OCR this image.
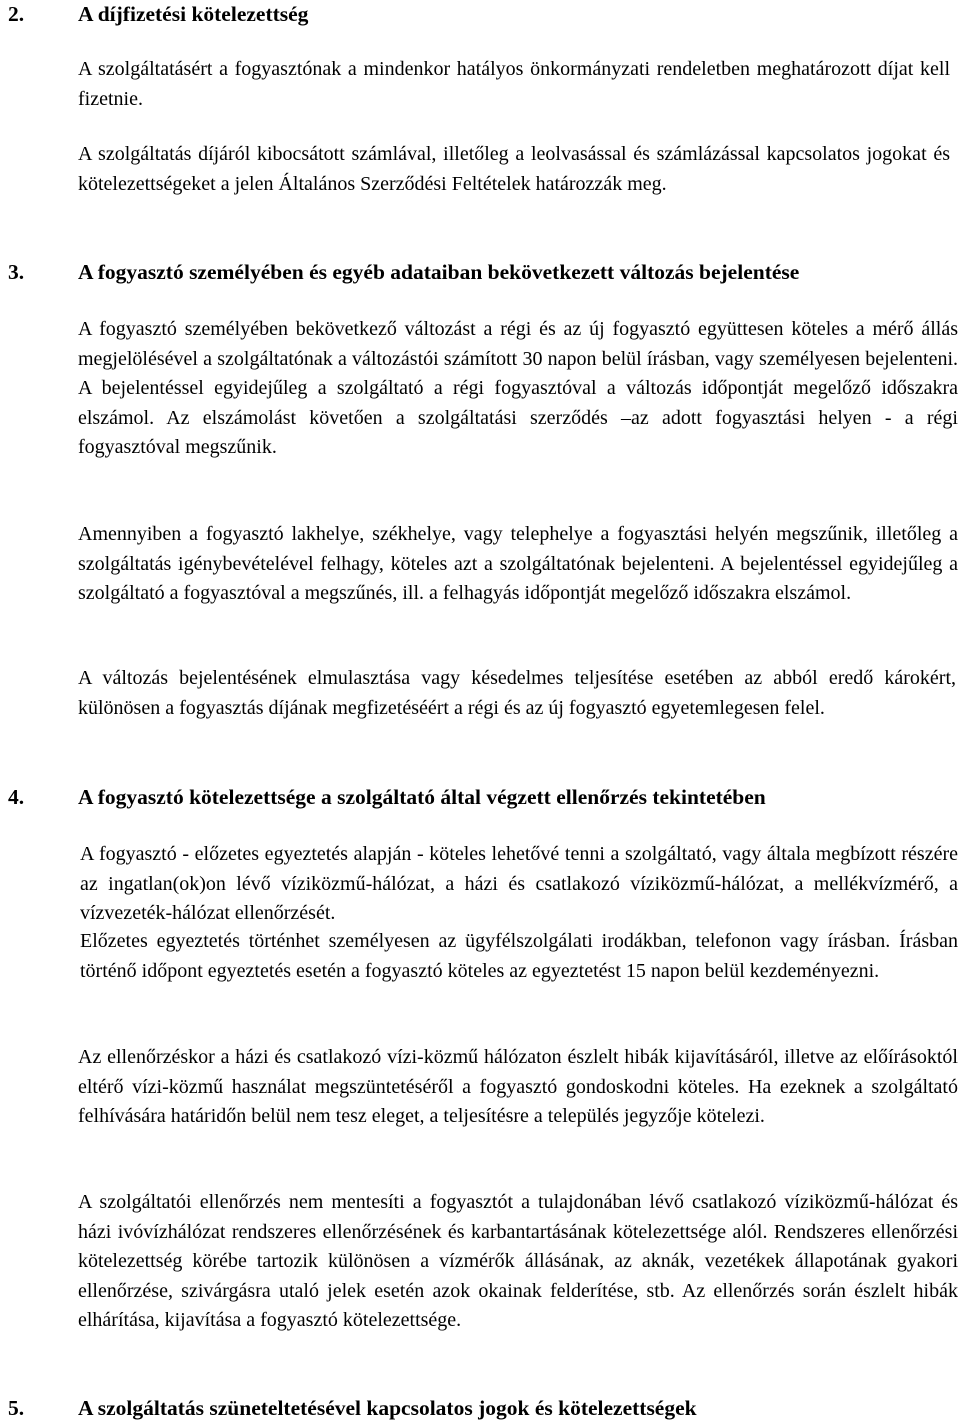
2.	A díjfizetési kötelezettség

A szolgáltatásért a fogyasztónak a mindenkor hatályos önkormányzati rendeletben meghatározott díjat kell fizetnie.

A szolgáltatás díjáról kibocsátott számlával, illetőleg a leolvasással és számlázással kapcsolatos jogokat és kötelezettségeket a jelen Általános Szerződési Feltételek határozzák meg.

3.	A fogyasztó személyében és egyéb adataiban bekövetkezett változás bejelentése

A fogyasztó személyében bekövetkező változást a régi és az új fogyasztó együttesen köteles a mérő állás megjelölésével a szolgáltatónak a változástói számított 30 napon belül írásban, vagy személyesen bejelenteni. A bejelentéssel egyidejűleg a szolgáltató a régi fogyasztóval a változás időpontját megelőző időszakra elszámol. Az elszámolást követően a szolgáltatási szerződés –az adott fogyasztási helyen - a régi fogyasztóval megszűnik.

Amennyiben a fogyasztó lakhelye, székhelye, vagy telephelye a fogyasztási helyén megszűnik, illetőleg a szolgáltatás igénybevételével felhagy, köteles azt a szolgáltatónak bejelenteni. A bejelentéssel egyidejűleg a szolgáltató a fogyasztóval a megszűnés, ill. a felhagyás időpontját megelőző időszakra elszámol.

A változás bejelentésének elmulasztása vagy késedelmes teljesítése esetében az abból eredő károkért, különösen a fogyasztás díjának megfizetéséért a régi és az új fogyasztó egyetemlegesen felel.

4.	A fogyasztó kötelezettsége a szolgáltató által végzett ellenőrzés tekintetében

A fogyasztó - előzetes egyeztetés alapján - köteles lehetővé tenni a szolgáltató, vagy általa megbízott részére az ingatlan(ok)on lévő víziközmű-hálózat, a házi és csatlakozó víziközmű-hálózat, a mellékvízmérő, a vízvezeték-hálózat ellenőrzését.

Előzetes egyeztetés történhet személyesen az ügyfélszolgálati irodákban, telefonon vagy írásban. Írásban történő időpont egyeztetés esetén a fogyasztó köteles az egyeztetést 15 napon belül kezdeményezni.

Az ellenőrzéskor a házi és csatlakozó vízi-közmű hálózaton észlelt hibák kijavításáról, illetve az előírásoktól eltérő vízi-közmű használat megszüntetéséről a fogyasztó gondoskodni köteles. Ha ezeknek a szolgáltató felhívására határidőn belül nem tesz eleget, a teljesítésre a település jegyzője kötelezi.

A szolgáltatói ellenőrzés nem mentesíti a fogyasztót a tulajdonában lévő csatlakozó víziközmű-hálózat és házi ivóvízhálózat rendszeres ellenőrzésének és karbantartásának kötelezettsége alól. Rendszeres ellenőrzési kötelezettség körébe tartozik különösen a vízmérők állásának, az aknák, vezetékek állapotának gyakori ellenőrzése, szivárgásra utaló jelek esetén azok okainak felderítése, stb. Az ellenőrzés során észlelt hibák elhárítása, kijavítása a fogyasztó kötelezettsége.

5.	A szolgáltatás szüneteltetésével kapcsolatos jogok és kötelezettségek
